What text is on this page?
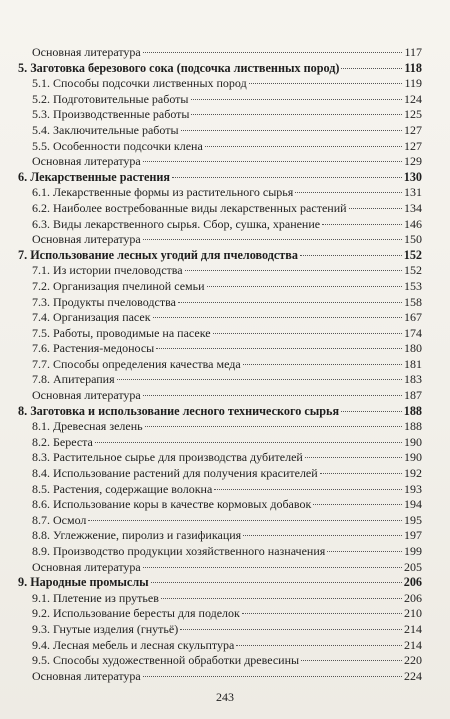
Основная литература	117
5. Заготовка березового сока (подсочка лиственных пород)	118
5.1. Способы подсочки лиственных пород	119
5.2. Подготовительные работы	124
5.3. Производственные работы	125
5.4. Заключительные работы	127
5.5. Особенности подсочки клена	127
Основная литература	129
6. Лекарственные растения	130
6.1. Лекарственные формы из растительного сырья	131
6.2. Наиболее востребованные виды лекарственных растений	134
6.3. Виды лекарственного сырья. Сбор, сушка, хранение	146
Основная литература	150
7. Использование лесных угодий для пчеловодства	152
7.1. Из истории пчеловодства	152
7.2. Организация пчелиной семьи	153
7.3. Продукты пчеловодства	158
7.4. Организация пасек	167
7.5. Работы, проводимые на пасеке	174
7.6. Растения-медоносы	180
7.7. Способы определения качества меда	181
7.8. Апитерапия	183
Основная литература	187
8. Заготовка и использование лесного технического сырья	188
8.1. Древесная зелень	188
8.2. Береста	190
8.3. Растительное сырье для производства дубителей	190
8.4. Использование растений для получения красителей	192
8.5. Растения, содержащие волокна	193
8.6. Использование коры в качестве кормовых добавок	194
8.7. Осмол	195
8.8. Углежжение, пиролиз и газификация	197
8.9. Производство продукции хозяйственного назначения	199
Основная литература	205
9. Народные промыслы	206
9.1. Плетение из прутьев	206
9.2. Использование бересты для поделок	210
9.3. Гнутые изделия (гнутьё)	214
9.4. Лесная мебель и лесная скульптура	214
9.5. Способы художественной обработки древесины	220
Основная литература	224
243
